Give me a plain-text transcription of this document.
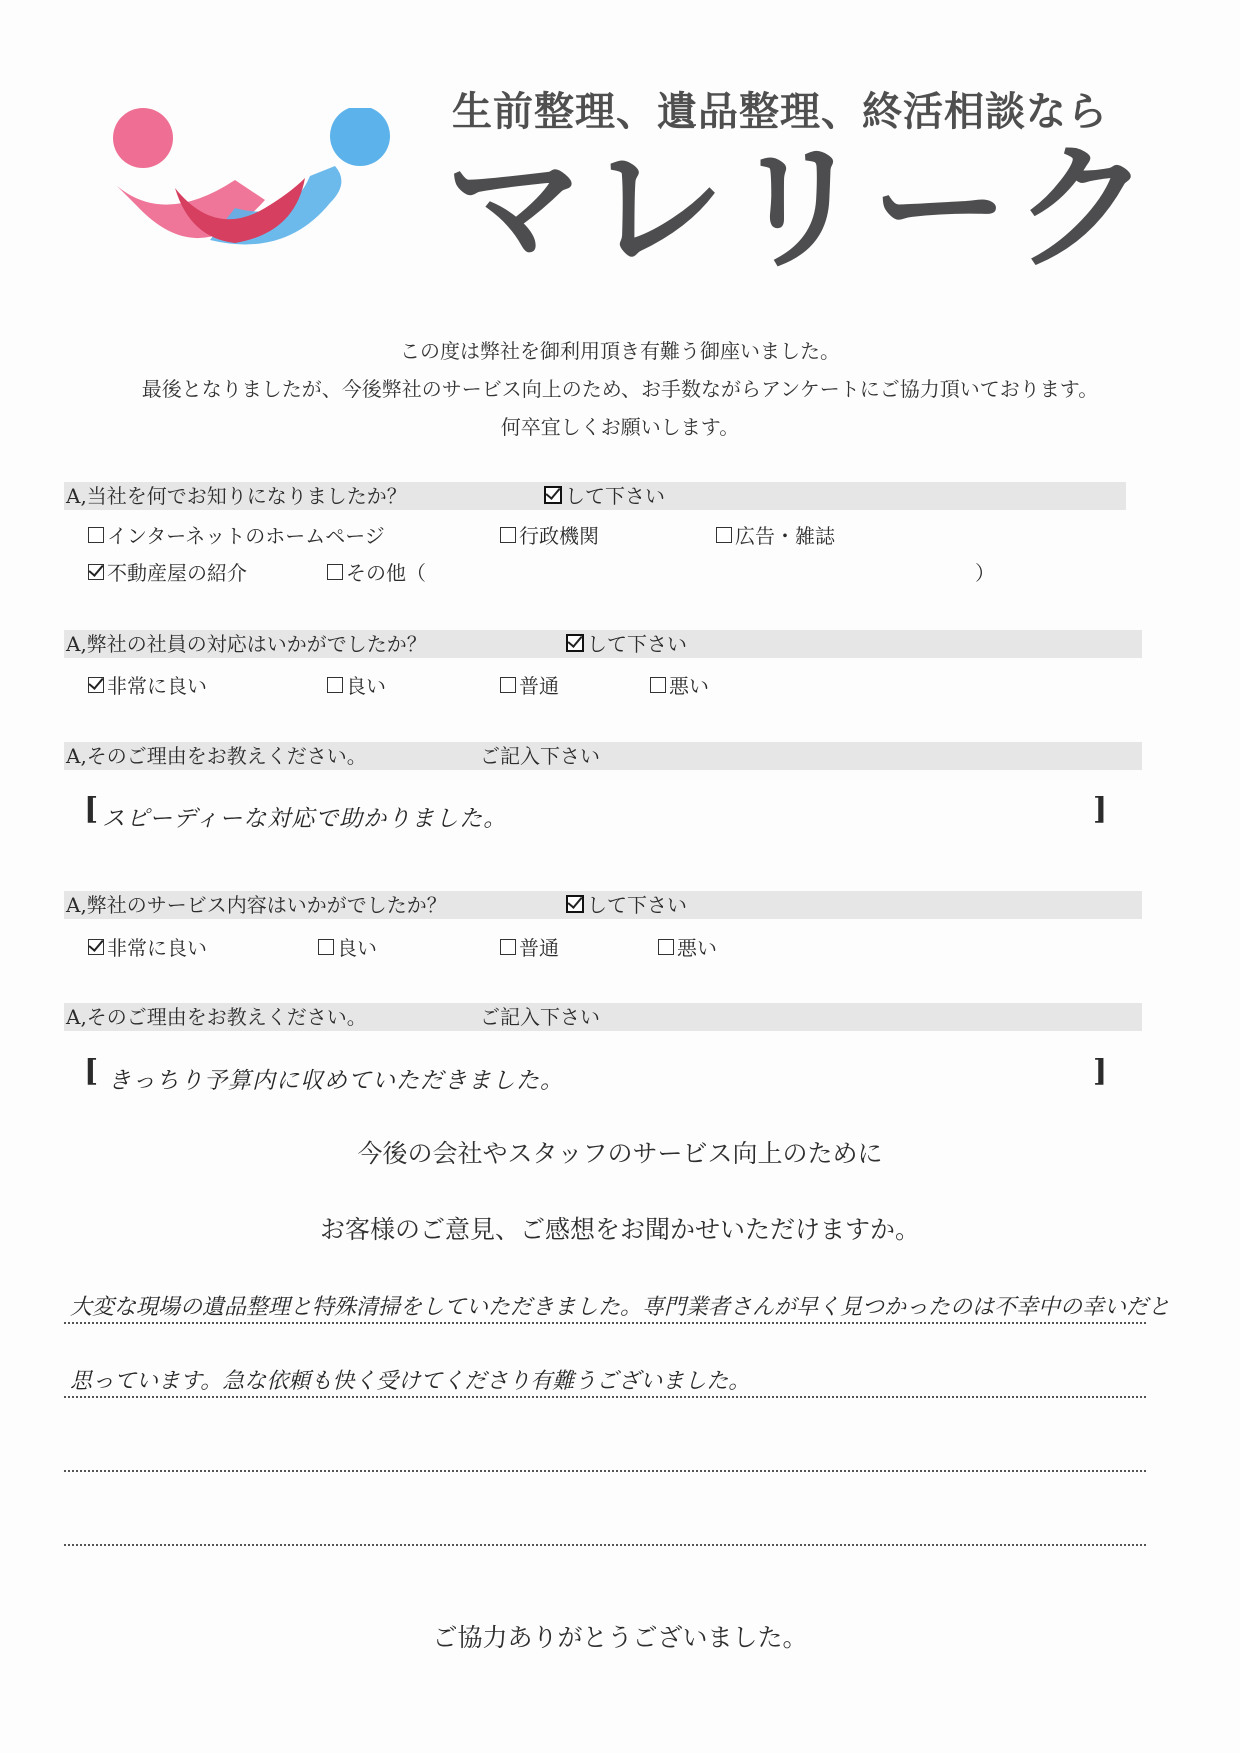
生前整理、遺品整理、終活相談なら
マレリーク
この度は弊社を御利用頂き有難う御座いました。
最後となりましたが、今後弊社のサービス向上のため、お手数ながらアンケートにご協力頂いております。
何卒宜しくお願いします。
A,当社を何でお知りになりましたか？	して下さい
インターネットのホームページ	行政機関	広告・雑誌
不動産屋の紹介	その他（	）
A,弊社の社員の対応はいかがでしたか？	して下さい
非常に良い	良い	普通	悪い
A,そのご理由をお教えください。	ご記入下さい
[ スピーディーな対応で助かりました。	]
A,弊社のサービス内容はいかがでしたか？	して下さい
非常に良い	良い	普通	悪い
A,そのご理由をお教えください。	ご記入下さい
[ きっちり予算内に収めていただきました。	]
今後の会社やスタッフのサービス向上のために
お客様のご意見、ご感想をお聞かせいただけますか。
大変な現場の遺品整理と特殊清掃をしていただきました。専門業者さんが早く見つかったのは不幸中の幸いだと
思っています。急な依頼も快く受けてくださり有難うございました。
ご協力ありがとうございました。
